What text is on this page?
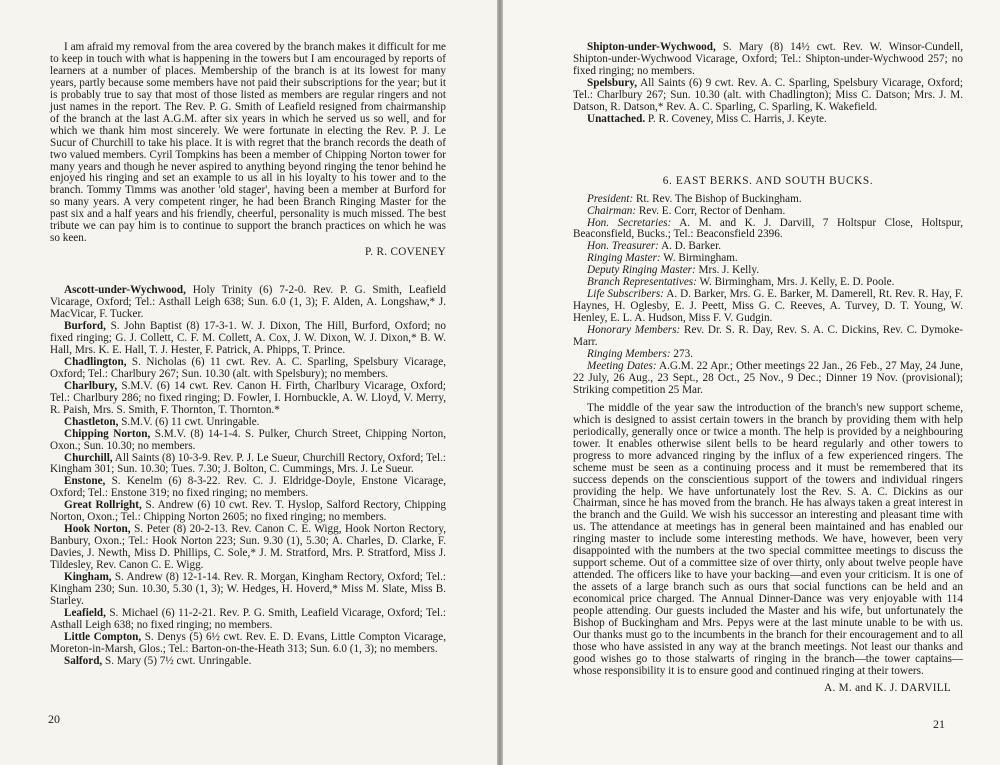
I am afraid my removal from the area covered by the branch makes it difficult for me to keep in touch with what is happening in the towers but I am encouraged by reports of learners at a number of places. Membership of the branch is at its lowest for many years, partly because some members have not paid their subscriptions for the year; but it is probably true to say that most of those listed as members are regular ringers and not just names in the report. The Rev. P. G. Smith of Leafield resigned from chairmanship of the branch at the last A.G.M. after six years in which he served us so well, and for which we thank him most sincerely. We were fortunate in electing the Rev. P. J. Le Sucur of Churchill to take his place. It is with regret that the branch records the death of two valued members. Cyril Tompkins has been a member of Chipping Norton tower for many years and though he never aspired to anything beyond ringing the tenor behind he enjoyed his ringing and set an example to us all in his loyalty to his tower and to the branch. Tommy Timms was another 'old stager', having been a member at Burford for so many years. A very competent ringer, he had been Branch Ringing Master for the past six and a half years and his friendly, cheerful, personality is much missed. The best tribute we can pay him is to continue to support the branch practices on which he was so keen.

P. R. COVENEY

Ascott-under-Wychwood, Holy Trinity (6) 7-2-0. Rev. P. G. Smith, Leafield Vicarage, Oxford; Tel.: Asthall Leigh 638; Sun. 6.0 (1, 3); F. Alden, A. Longshaw,* J. MacVicar, F. Tucker.

Burford, S. John Baptist (8) 17-3-1. W. J. Dixon, The Hill, Burford, Oxford; no fixed ringing; G. J. Collett, C. F. M. Collett, A. Cox, J. W. Dixon, W. J. Dixon,* B. W. Hall, Mrs. K. E. Hall, T. J. Hester, F. Patrick, A. Phipps, T. Prince.

Chadlington, S. Nicholas (6) 11 cwt. Rev. A. C. Sparling, Spelsbury Vicarage, Oxford; Tel.: Charlbury 267; Sun. 10.30 (alt. with Spelsbury); no members.

Charlbury, S.M.V. (6) 14 cwt. Rev. Canon H. Firth, Charlbury Vicarage, Oxford; Tel.: Charlbury 286; no fixed ringing; D. Fowler, I. Hornbuckle, A. W. Lloyd, V. Merry, R. Paish, Mrs. S. Smith, F. Thornton, T. Thornton.*

Chastleton, S.M.V. (6) 11 cwt. Unringable.

Chipping Norton, S.M.V. (8) 14-1-4. S. Pulker, Church Street, Chipping Norton, Oxon.; Sun. 10.30; no members.

Churchill, All Saints (8) 10-3-9. Rev. P. J. Le Sueur, Churchill Rectory, Oxford; Tel.: Kingham 301; Sun. 10.30; Tues. 7.30; J. Bolton, C. Cummings, Mrs. J. Le Sueur.

Enstone, S. Kenelm (6) 8-3-22. Rev. C. J. Eldridge-Doyle, Enstone Vicarage, Oxford; Tel.: Enstone 319; no fixed ringing; no members.

Great Rollright, S. Andrew (6) 10 cwt. Rev. T. Hyslop, Salford Rectory, Chipping Norton, Oxon.; Tel.: Chipping Norton 2605; no fixed ringing; no members.

Hook Norton, S. Peter (8) 20-2-13. Rev. Canon C. E. Wigg, Hook Norton Rectory, Banbury, Oxon.; Tel.: Hook Norton 223; Sun. 9.30 (1), 5.30; A. Charles, D. Clarke, F. Davies, J. Newth, Miss D. Phillips, C. Sole,* J. M. Stratford, Mrs. P. Stratford, Miss J. Tildesley, Rev. Canon C. E. Wigg.

Kingham, S. Andrew (8) 12-1-14. Rev. R. Morgan, Kingham Rectory, Oxford; Tel.: Kingham 230; Sun. 10.30, 5.30 (1, 3); W. Hedges, H. Hoverd,* Miss M. Slate, Miss B. Starley.

Leafield, S. Michael (6) 11-2-21. Rev. P. G. Smith, Leafield Vicarage, Oxford; Tel.: Asthall Leigh 638; no fixed ringing; no members.

Little Compton, S. Denys (5) 6½ cwt. Rev. E. D. Evans, Little Compton Vicarage, Moreton-in-Marsh, Glos.; Tel.: Barton-on-the-Heath 313; Sun. 6.0 (1, 3); no members.

Salford, S. Mary (5) 7½ cwt. Unringable.

20

Shipton-under-Wychwood, S. Mary (8) 14½ cwt. Rev. W. Winsor-Cundell, Shipton-under-Wychwood Vicarage, Oxford; Tel.: Shipton-under-Wychwood 257; no fixed ringing; no members.

Spelsbury, All Saints (6) 9 cwt. Rev. A. C. Sparling, Spelsbury Vicarage, Oxford; Tel.: Charlbury 267; Sun. 10.30 (alt. with Chadlington); Miss C. Datson; Mrs. J. M. Datson, R. Datson,* Rev. A. C. Sparling, C. Sparling, K. Wakefield.

Unattached. P. R. Coveney, Miss C. Harris, J. Keyte.

6. EAST BERKS. AND SOUTH BUCKS.

President: Rt. Rev. The Bishop of Buckingham.

Chairman: Rev. E. Corr, Rector of Denham.

Hon. Secretaries: A. M. and K. J. Darvill, 7 Holtspur Close, Holtspur, Beaconsfield, Bucks.; Tel.: Beaconsfield 2396.

Hon. Treasurer: A. D. Barker.

Ringing Master: W. Birmingham.

Deputy Ringing Master: Mrs. J. Kelly.

Branch Representatives: W. Birmingham, Mrs. J. Kelly, E. D. Poole.

Life Subscribers: A. D. Barker, Mrs. G. E. Barker, M. Damerell, Rt. Rev. R. Hay, F. Haynes, H. Oglesby, E. J. Peett, Miss G. C. Reeves, A. Turvey, D. T. Young, W. Henley, E. L. A. Hudson, Miss F. V. Gudgin.

Honorary Members: Rev. Dr. S. R. Day, Rev. S. A. C. Dickins, Rev. C. Dymoke-Marr.

Ringing Members: 273.

Meeting Dates: A.G.M. 22 Apr.; Other meetings 22 Jan., 26 Feb., 27 May, 24 June, 22 July, 26 Aug., 23 Sept., 28 Oct., 25 Nov., 9 Dec.; Dinner 19 Nov. (provisional); Striking competition 25 Mar.

The middle of the year saw the introduction of the branch's new support scheme, which is designed to assist certain towers in the branch by providing them with help periodically, generally once or twice a month. The help is provided by a neighbouring tower. It enables otherwise silent bells to be heard regularly and other towers to progress to more advanced ringing by the influx of a few experienced ringers. The scheme must be seen as a continuing process and it must be remembered that its success depends on the conscientious support of the towers and individual ringers providing the help. We have unfortunately lost the Rev. S. A. C. Dickins as our Chairman, since he has moved from the branch. He has always taken a great interest in the branch and the Guild. We wish his successor an interesting and pleasant time with us. The attendance at meetings has in general been maintained and has enabled our ringing master to include some interesting methods. We have, however, been very disappointed with the numbers at the two special committee meetings to discuss the support scheme. Out of a committee size of over thirty, only about twelve people have attended. The officers like to have your backing—and even your criticism. It is one of the assets of a large branch such as ours that social functions can be held and an economical price charged. The Annual Dinner-Dance was very enjoyable with 114 people attending. Our guests included the Master and his wife, but unfortunately the Bishop of Buckingham and Mrs. Pepys were at the last minute unable to be with us. Our thanks must go to the incumbents in the branch for their encouragement and to all those who have assisted in any way at the branch meetings. Not least our thanks and good wishes go to those stalwarts of ringing in the branch—the tower captains—whose responsibility it is to ensure good and continued ringing at their towers.

A. M. and K. J. DARVILL

21
